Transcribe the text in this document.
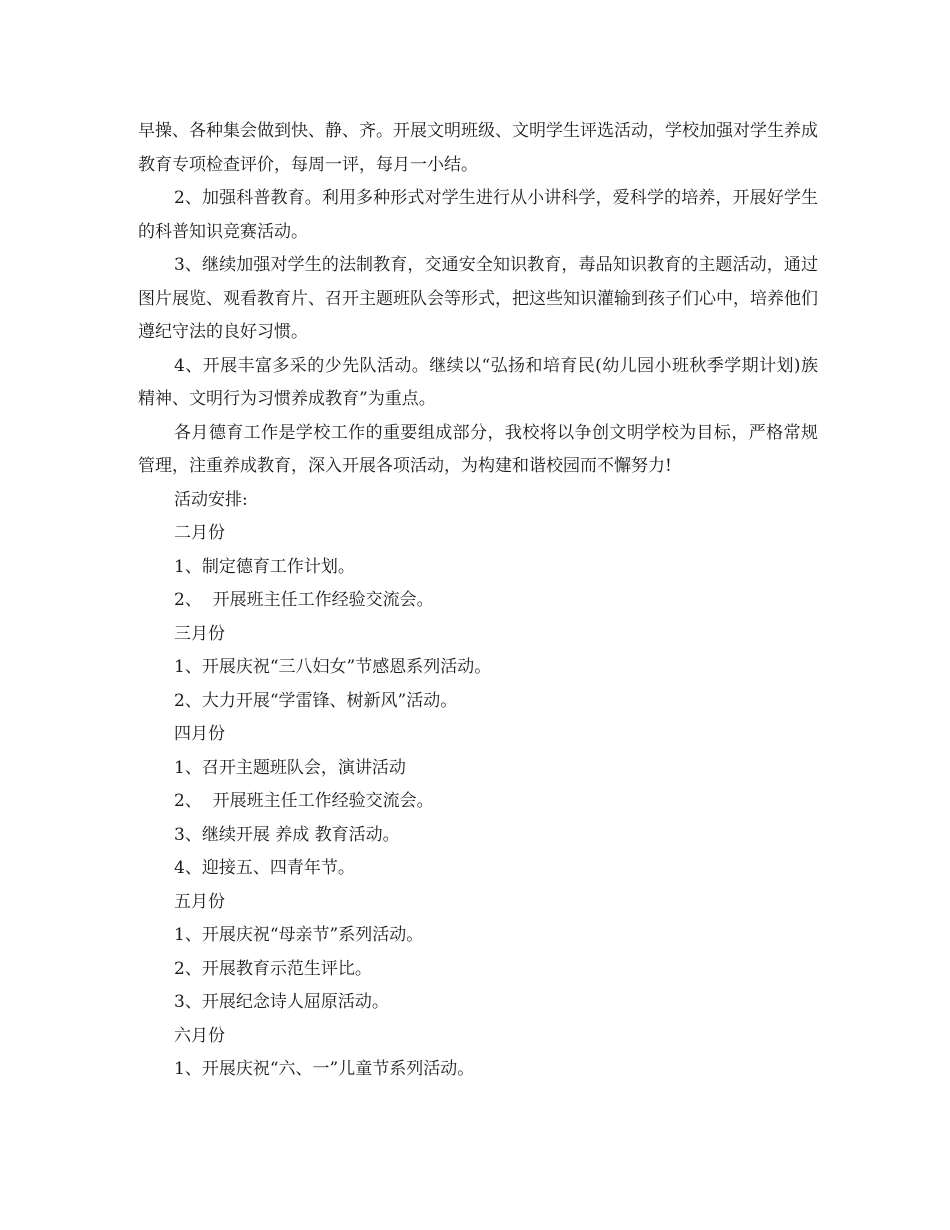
早操、各种集会做到快、静、齐。开展文明班级、文明学生评选活动，学校加强对学生养成教育专项检查评价，每周一评，每月一小结。

2、加强科普教育。利用多种形式对学生进行从小讲科学，爱科学的培养，开展好学生的科普知识竞赛活动。

3、继续加强对学生的法制教育，交通安全知识教育，毒品知识教育的主题活动，通过图片展览、观看教育片、召开主题班队会等形式，把这些知识灌输到孩子们心中，培养他们遵纪守法的良好习惯。

4、开展丰富多采的少先队活动。继续以“弘扬和培育民(幼儿园小班秋季学期计划)族精神、文明行为习惯养成教育”为重点。

各月德育工作是学校工作的重要组成部分，我校将以争创文明学校为目标，严格常规管理，注重养成教育，深入开展各项活动，为构建和谐校园而不懈努力!

活动安排:

二月份

1、制定德育工作计划。

2、  开展班主任工作经验交流会。

三月份

1、开展庆祝“三八妇女”节感恩系列活动。

2、大力开展“学雷锋、树新风”活动。

四月份

1、召开主题班队会，演讲活动

2、  开展班主任工作经验交流会。

3、继续开展 养成 教育活动。

4、迎接五、四青年节。

五月份

1、开展庆祝“母亲节”系列活动。

2、开展教育示范生评比。

3、开展纪念诗人屈原活动。

六月份

1、开展庆祝“六、一”儿童节系列活动。
